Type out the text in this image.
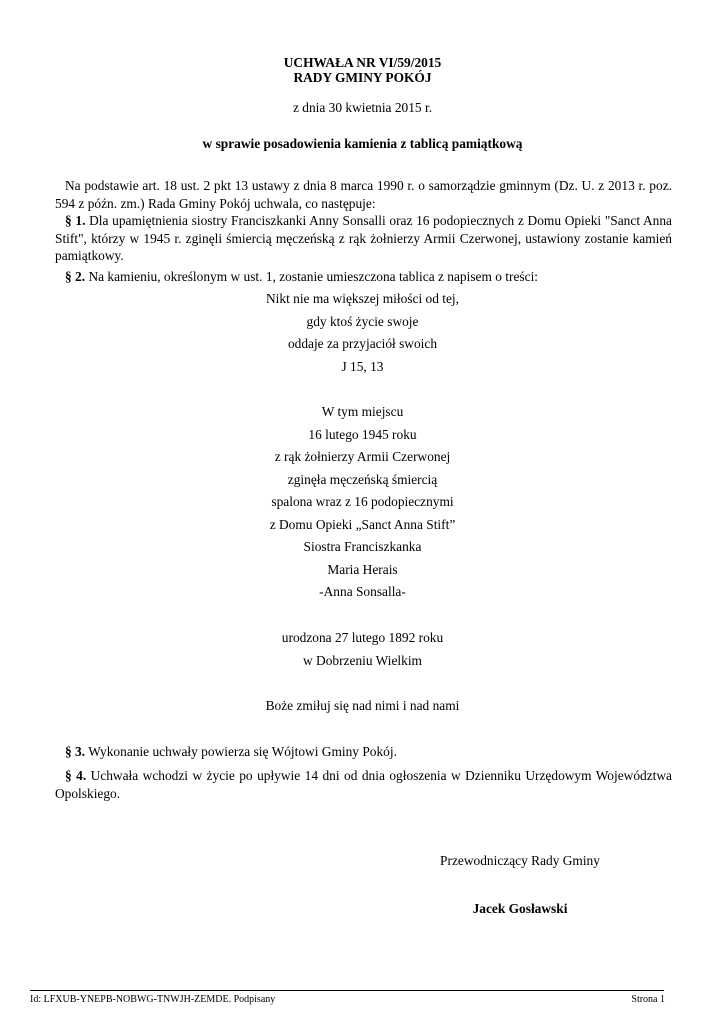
UCHWAŁA NR VI/59/2015
RADY GMINY POKÓJ
z dnia 30 kwietnia 2015 r.
w sprawie posadowienia kamienia z tablicą pamiątkową
Na podstawie art. 18 ust. 2 pkt 13 ustawy z dnia 8 marca 1990 r. o samorządzie gminnym (Dz. U. z 2013 r. poz. 594 z późn. zm.) Rada Gminy Pokój uchwala, co następuje:
§ 1. Dla upamiętnienia siostry Franciszkanki Anny Sonsalli oraz 16 podopiecznych z Domu Opieki "Sanct Anna Stift", którzy w 1945 r. zginęli śmiercią męczeńską z rąk żołnierzy Armii Czerwonej, ustawiony zostanie kamień pamiątkowy.
§ 2. Na kamieniu, określonym w ust. 1, zostanie umieszczona tablica z napisem o treści:
Nikt nie ma większej miłości od tej,
gdy ktoś życie swoje
oddaje za przyjaciół swoich
J 15, 13
W tym miejscu
16 lutego 1945 roku
z rąk żołnierzy Armii Czerwonej
zginęła męczeńską śmiercią
spalona wraz z 16 podopiecznymi
z Domu Opieki „Sanct Anna Stift”
Siostra Franciszkanka
Maria Herais
-Anna Sonsalla-
urodzona 27 lutego 1892 roku
w Dobrzeniu Wielkim
Boże zmiłuj się nad nimi i nad nami
§ 3. Wykonanie uchwały powierza się Wójtowi Gminy Pokój.
§ 4. Uchwała wchodzi w życie po upływie 14 dni od dnia ogłoszenia w Dzienniku Urzędowym Województwa Opolskiego.
Przewodniczący Rady Gminy
Jacek Gosławski
Id: LFXUB-YNEPB-NOBWG-TNWJH-ZEMDE. Podpisany	Strona 1
